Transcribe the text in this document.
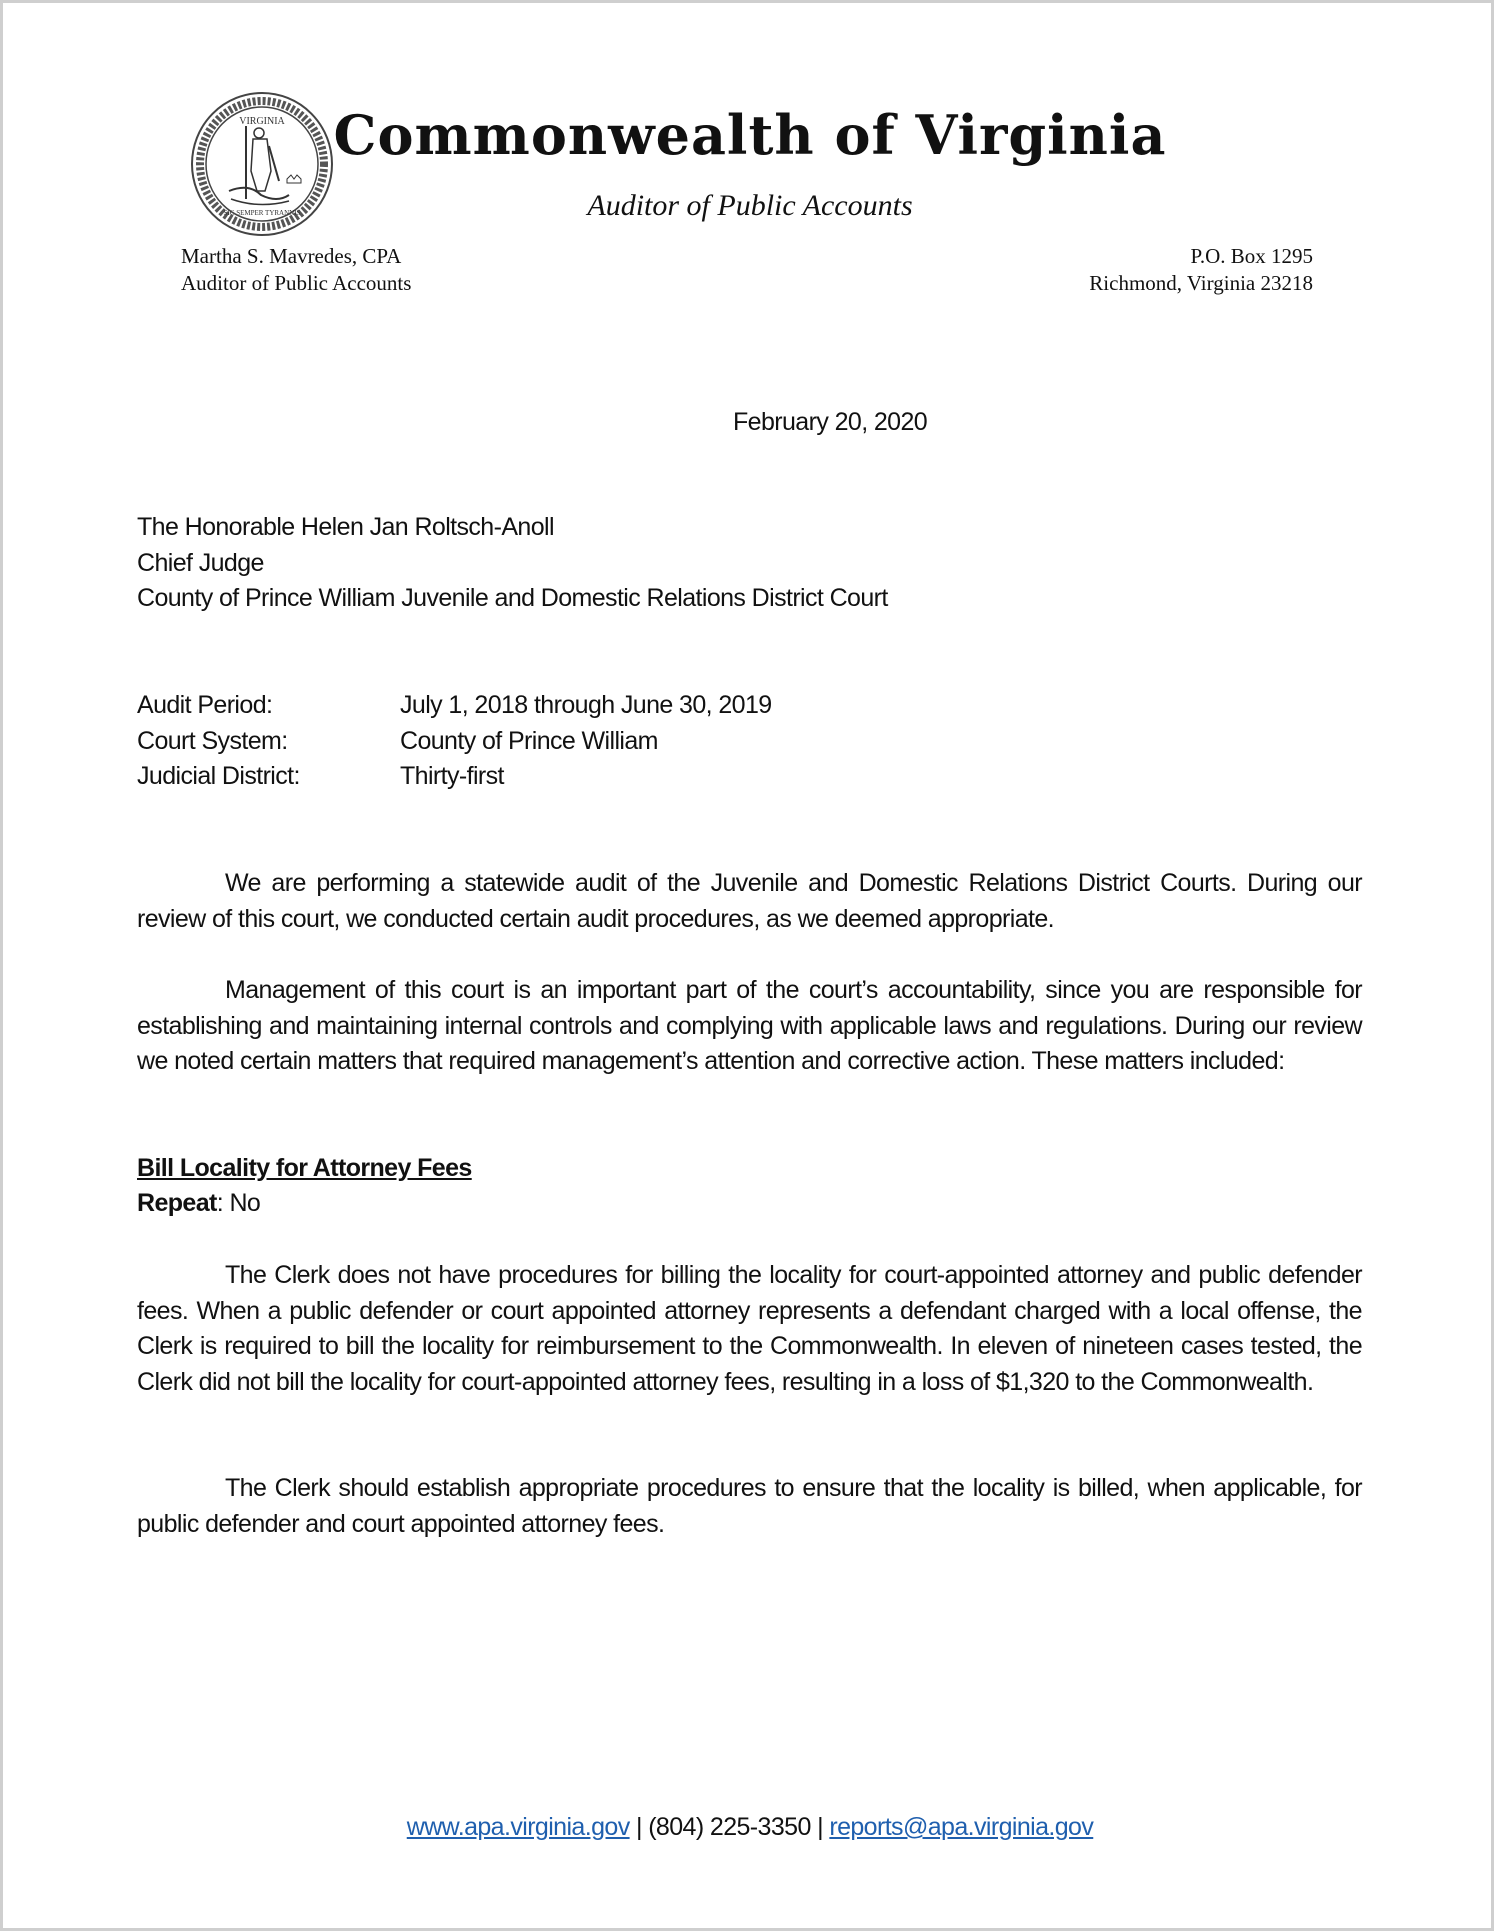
VIRGINIA
SIC SEMPER TYRANNIS
Commonwealth of Virginia
Auditor of Public Accounts
Martha S. Mavredes, CPA
Auditor of Public Accounts
P.O. Box 1295
Richmond, Virginia 23218
February 20, 2020
The Honorable Helen Jan Roltsch-Anoll
Chief Judge
County of Prince William Juvenile and Domestic Relations District Court
Audit Period:	July 1, 2018 through June 30, 2019
Court System:	County of Prince William
Judicial District:	Thirty-first
We are performing a statewide audit of the Juvenile and Domestic Relations District Courts. During our review of this court, we conducted certain audit procedures, as we deemed appropriate.
Management of this court is an important part of the court’s accountability, since you are responsible for establishing and maintaining internal controls and complying with applicable laws and regulations. During our review we noted certain matters that required management’s attention and corrective action. These matters included:
Bill Locality for Attorney Fees
Repeat: No
The Clerk does not have procedures for billing the locality for court-appointed attorney and public defender fees. When a public defender or court appointed attorney represents a defendant charged with a local offense, the Clerk is required to bill the locality for reimbursement to the Commonwealth. In eleven of nineteen cases tested, the Clerk did not bill the locality for court-appointed attorney fees, resulting in a loss of $1,320 to the Commonwealth.
The Clerk should establish appropriate procedures to ensure that the locality is billed, when applicable, for public defender and court appointed attorney fees.
www.apa.virginia.gov | (804) 225-3350 | reports@apa.virginia.gov
